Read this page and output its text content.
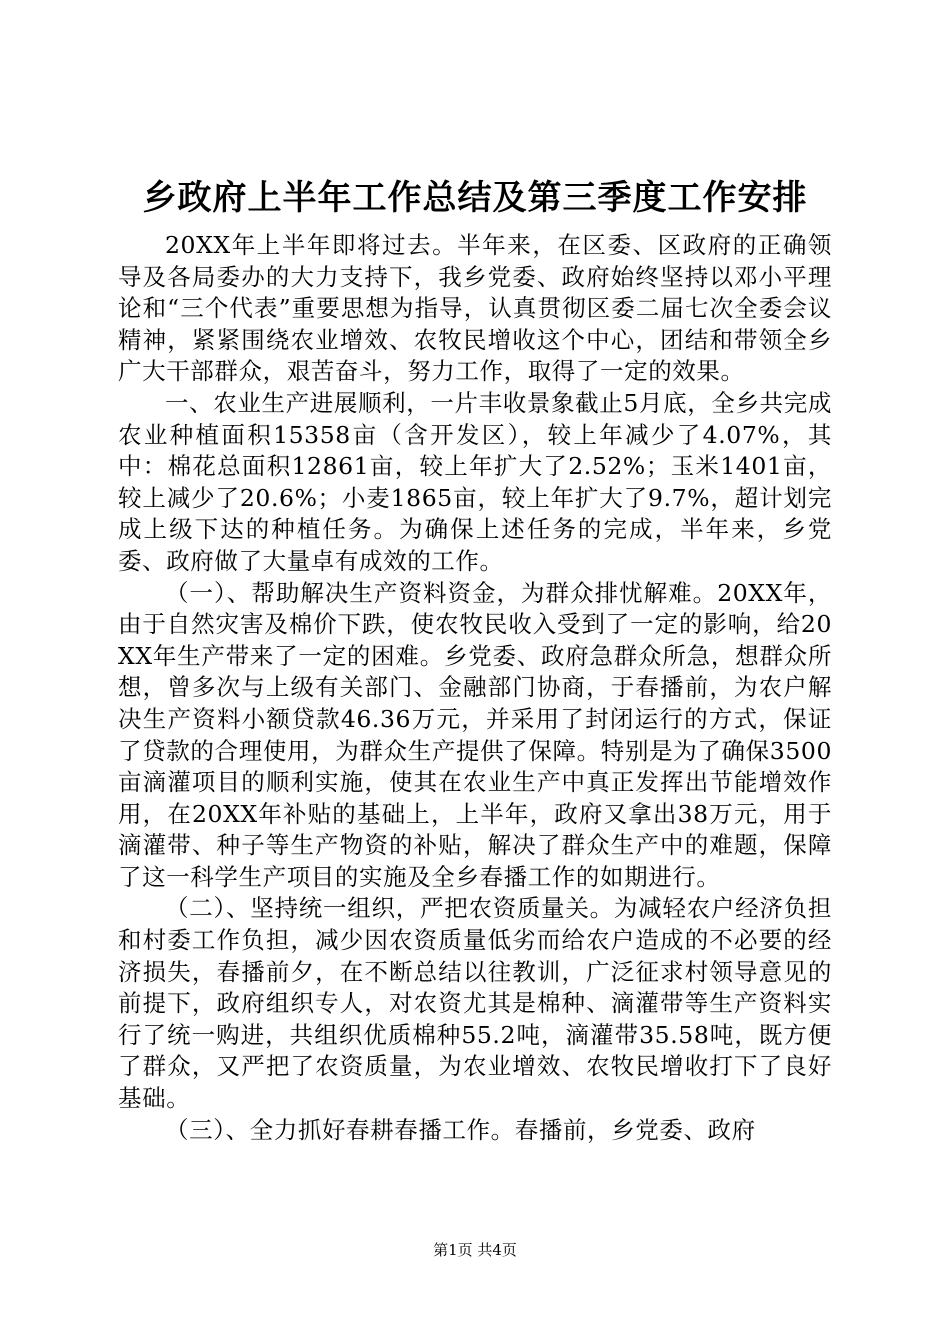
乡政府上半年工作总结及第三季度工作安排

20XX年上半年即将过去。半年来，在区委、区政府的正确领导及各局委办的大力支持下，我乡党委、政府始终坚持以邓小平理论和“三个代表”重要思想为指导，认真贯彻区委二届七次全委会议精神，紧紧围绕农业增效、农牧民增收这个中心，团结和带领全乡广大干部群众，艰苦奋斗，努力工作，取得了一定的效果。

一、农业生产进展顺利，一片丰收景象截止5月底，全乡共完成农业种植面积15358亩（含开发区），较上年减少了4.07%，其中：棉花总面积12861亩，较上年扩大了2.52%；玉米1401亩，较上减少了20.6%；小麦1865亩，较上年扩大了9.7%，超计划完成上级下达的种植任务。为确保上述任务的完成，半年来，乡党委、政府做了大量卓有成效的工作。

（一）、帮助解决生产资料资金，为群众排忧解难。20XX年，由于自然灾害及棉价下跌，使农牧民收入受到了一定的影响，给20XX年生产带来了一定的困难。乡党委、政府急群众所急，想群众所想，曾多次与上级有关部门、金融部门协商，于春播前，为农户解决生产资料小额贷款46.36万元，并采用了封闭运行的方式，保证了贷款的合理使用，为群众生产提供了保障。特别是为了确保3500亩滴灌项目的顺利实施，使其在农业生产中真正发挥出节能增效作用，在20XX年补贴的基础上，上半年，政府又拿出38万元，用于滴灌带、种子等生产物资的补贴，解决了群众生产中的难题，保障了这一科学生产项目的实施及全乡春播工作的如期进行。

（二）、坚持统一组织，严把农资质量关。为减轻农户经济负担和村委工作负担，减少因农资质量低劣而给农户造成的不必要的经济损失，春播前夕，在不断总结以往教训，广泛征求村领导意见的前提下，政府组织专人，对农资尤其是棉种、滴灌带等生产资料实行了统一购进，共组织优质棉种55.2吨，滴灌带35.58吨，既方便了群众，又严把了农资质量，为农业增效、农牧民增收打下了良好基础。

（三）、全力抓好春耕春播工作。春播前，乡党委、政府

第1页 共4页
